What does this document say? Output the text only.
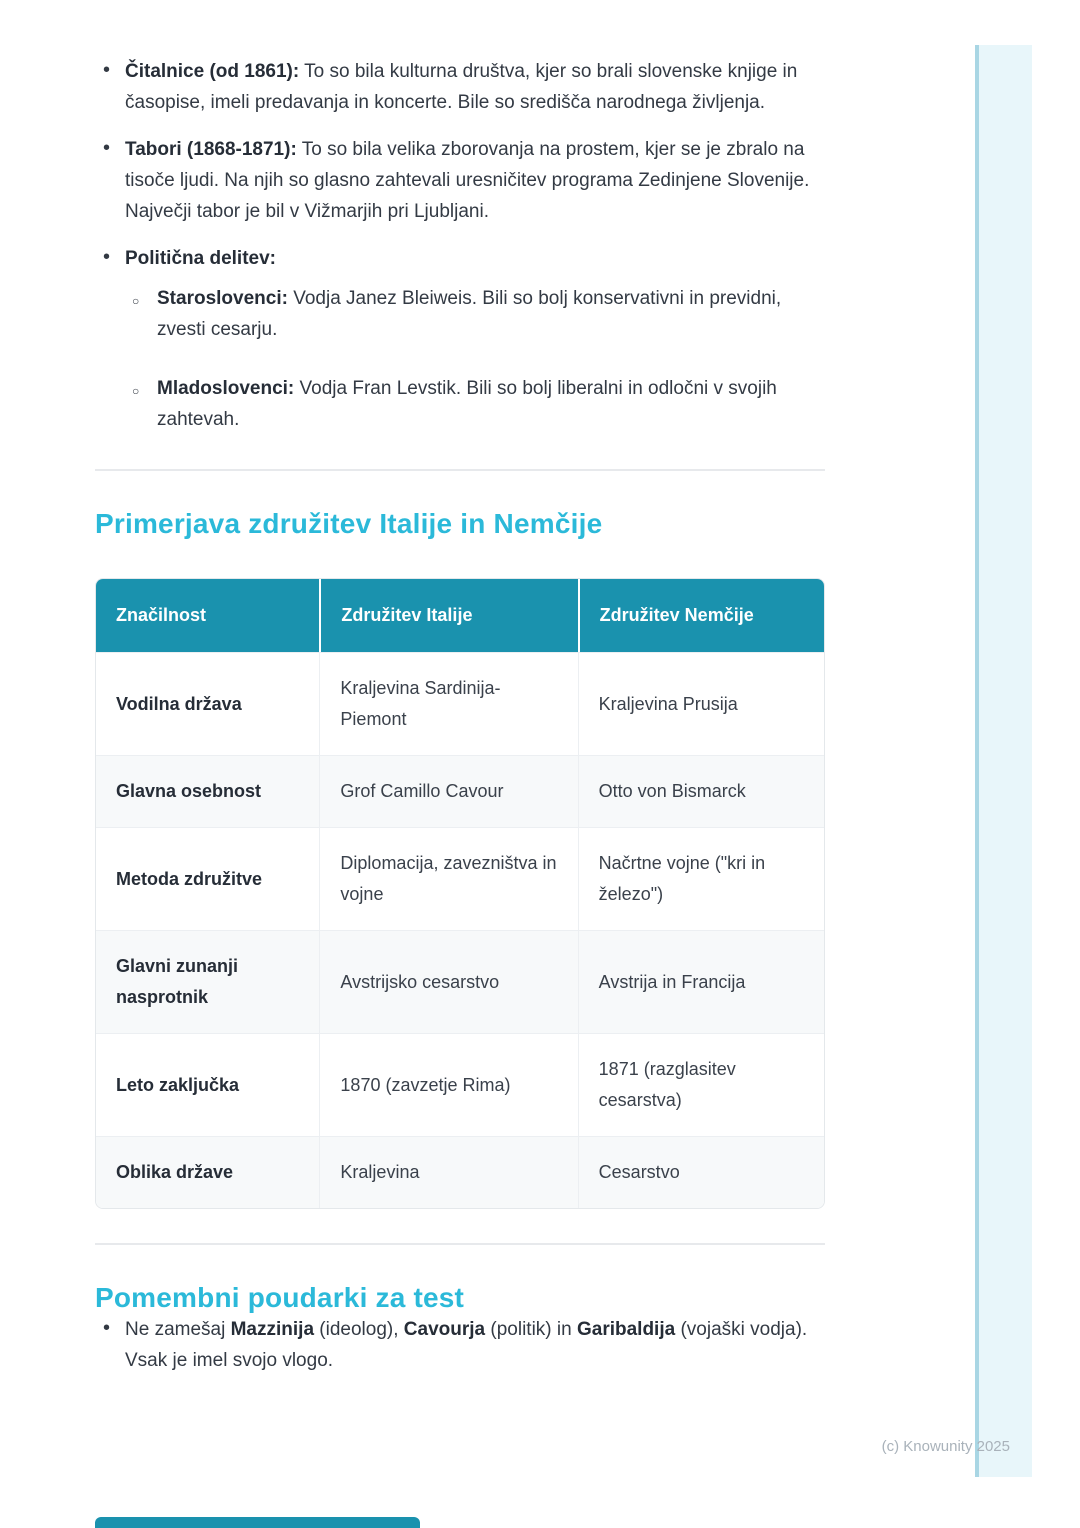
• Čitalnice (od 1861): To so bila kulturna društva, kjer so brali slovenske knjige in časopise, imeli predavanja in koncerte. Bile so središča narodnega življenja.
• Tabori (1868-1871): To so bila velika zborovanja na prostem, kjer se je zbralo na tisoče ljudi. Na njih so glasno zahtevali uresničitev programa Zedinjene Slovenije. Največji tabor je bil v Vižmarjih pri Ljubljani.
• Politična delitev:
○ Staroslovenci: Vodja Janez Bleiweis. Bili so bolj konservativni in previdni, zvesti cesarju.
○ Mladoslovenci: Vodja Fran Levstik. Bili so bolj liberalni in odločni v svojih zahtevah.
Primerjava združitev Italije in Nemčije
Značilnost	Združitev Italije	Združitev Nemčije
Vodilna država	Kraljevina Sardinija-Piemont	Kraljevina Prusija
Glavna osebnost	Grof Camillo Cavour	Otto von Bismarck
Metoda združitve	Diplomacija, zavezništva in vojne	Načrtne vojne ("kri in železo")
Glavni zunanji nasprotnik	Avstrijsko cesarstvo	Avstrija in Francija
Leto zaključka	1870 (zavzetje Rima)	1871 (razglasitev cesarstva)
Oblika države	Kraljevina	Cesarstvo
Pomembni poudarki za test
• Ne zamešaj Mazzinija (ideolog), Cavourja (politik) in Garibaldija (vojaški vodja). Vsak je imel svojo vlogo.
(c) Knowunity 2025
